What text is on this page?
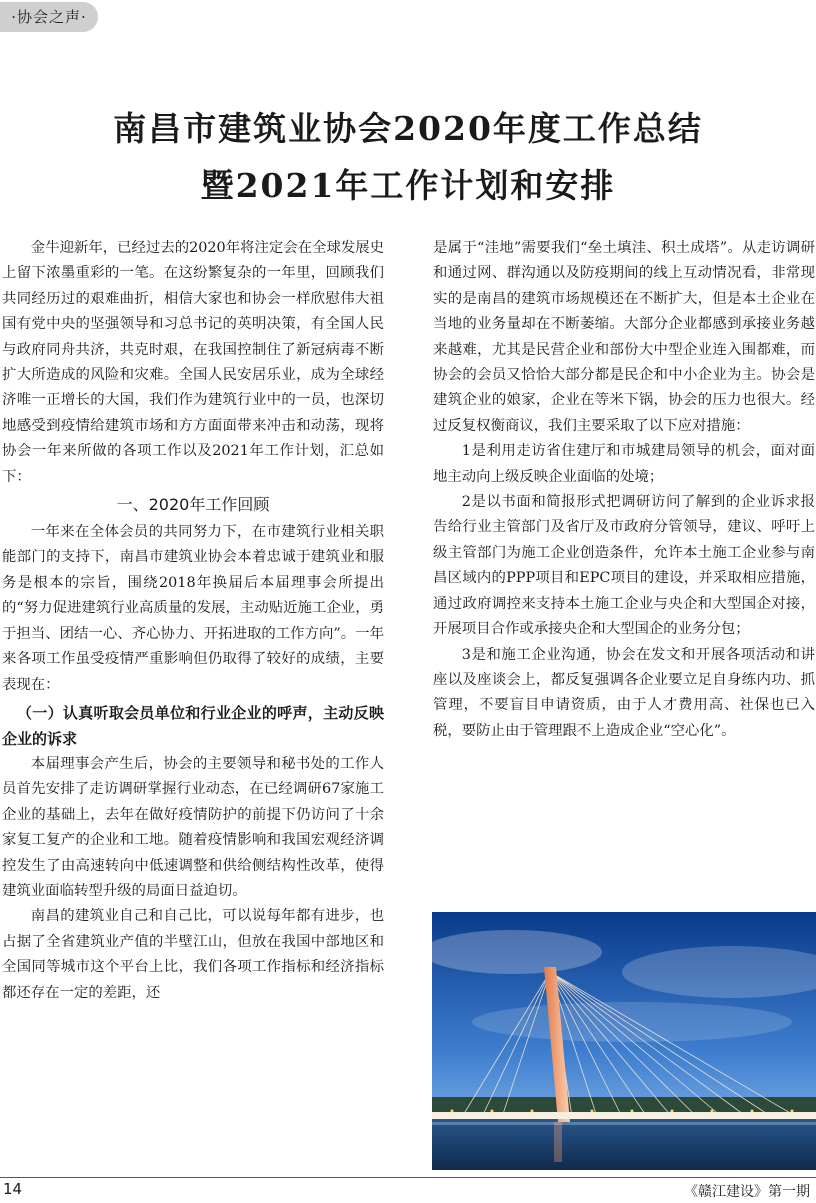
·协会之声·
南昌市建筑业协会2020年度工作总结
暨2021年工作计划和安排

金牛迎新年，已经过去的2020年将注定会在全球发展史上留下浓墨重彩的一笔。在这纷繁复杂的一年里，回顾我们共同经历过的艰难曲折，相信大家也和协会一样欣慰伟大祖国有党中央的坚强领导和习总书记的英明决策，有全国人民与政府同舟共济，共克时艰，在我国控制住了新冠病毒不断扩大所造成的风险和灾难。全国人民安居乐业，成为全球经济唯一正增长的大国，我们作为建筑行业中的一员，也深切地感受到疫情给建筑市场和方方面面带来冲击和动荡，现将协会一年来所做的各项工作以及2021年工作计划，汇总如下：

一、2020年工作回顾

一年来在全体会员的共同努力下，在市建筑行业相关职能部门的支持下，南昌市建筑业协会本着忠诚于建筑业和服务是根本的宗旨，围绕2018年换届后本届理事会所提出的“努力促进建筑行业高质量的发展，主动贴近施工企业，勇于担当、团结一心、齐心协力、开拓进取的工作方向”。一年来各项工作虽受疫情严重影响但仍取得了较好的成绩，主要表现在：

（一）认真听取会员单位和行业企业的呼声，主动反映企业的诉求

本届理事会产生后，协会的主要领导和秘书处的工作人员首先安排了走访调研掌握行业动态，在已经调研67家施工企业的基础上，去年在做好疫情防护的前提下仍访问了十余家复工复产的企业和工地。随着疫情影响和我国宏观经济调控发生了由高速转向中低速调整和供给侧结构性改革，使得建筑业面临转型升级的局面日益迫切。

南昌的建筑业自己和自己比，可以说每年都有进步，也占据了全省建筑业产值的半壁江山，但放在我国中部地区和全国同等城市这个平台上比，我们各项工作指标和经济指标都还存在一定的差距，还

是属于“洼地”需要我们“垒土填洼、积土成塔”。从走访调研和通过网、群沟通以及防疫期间的线上互动情况看，非常现实的是南昌的建筑市场规模还在不断扩大，但是本土企业在当地的业务量却在不断萎缩。大部分企业都感到承接业务越来越难，尤其是民营企业和部份大中型企业连入围都难，而协会的会员又恰恰大部分都是民企和中小企业为主。协会是建筑企业的娘家，企业在等米下锅，协会的压力也很大。经过反复权衡商议，我们主要采取了以下应对措施：

1是利用走访省住建厅和市城建局领导的机会，面对面地主动向上级反映企业面临的处境；

2是以书面和简报形式把调研访问了解到的企业诉求报告给行业主管部门及省厅及市政府分管领导，建议、呼吁上级主管部门为施工企业创造条件，允许本土施工企业参与南昌区域内的PPP项目和EPC项目的建设，并采取相应措施，通过政府调控来支持本土施工企业与央企和大型国企对接，开展项目合作或承接央企和大型国企的业务分包；

3是和施工企业沟通，协会在发文和开展各项活动和讲座以及座谈会上，都反复强调各企业要立足自身练内功、抓管理，不要盲目申请资质，由于人才费用高、社保也已入税，要防止由于管理跟不上造成企业“空心化”。

14	《赣江建设》第一期
